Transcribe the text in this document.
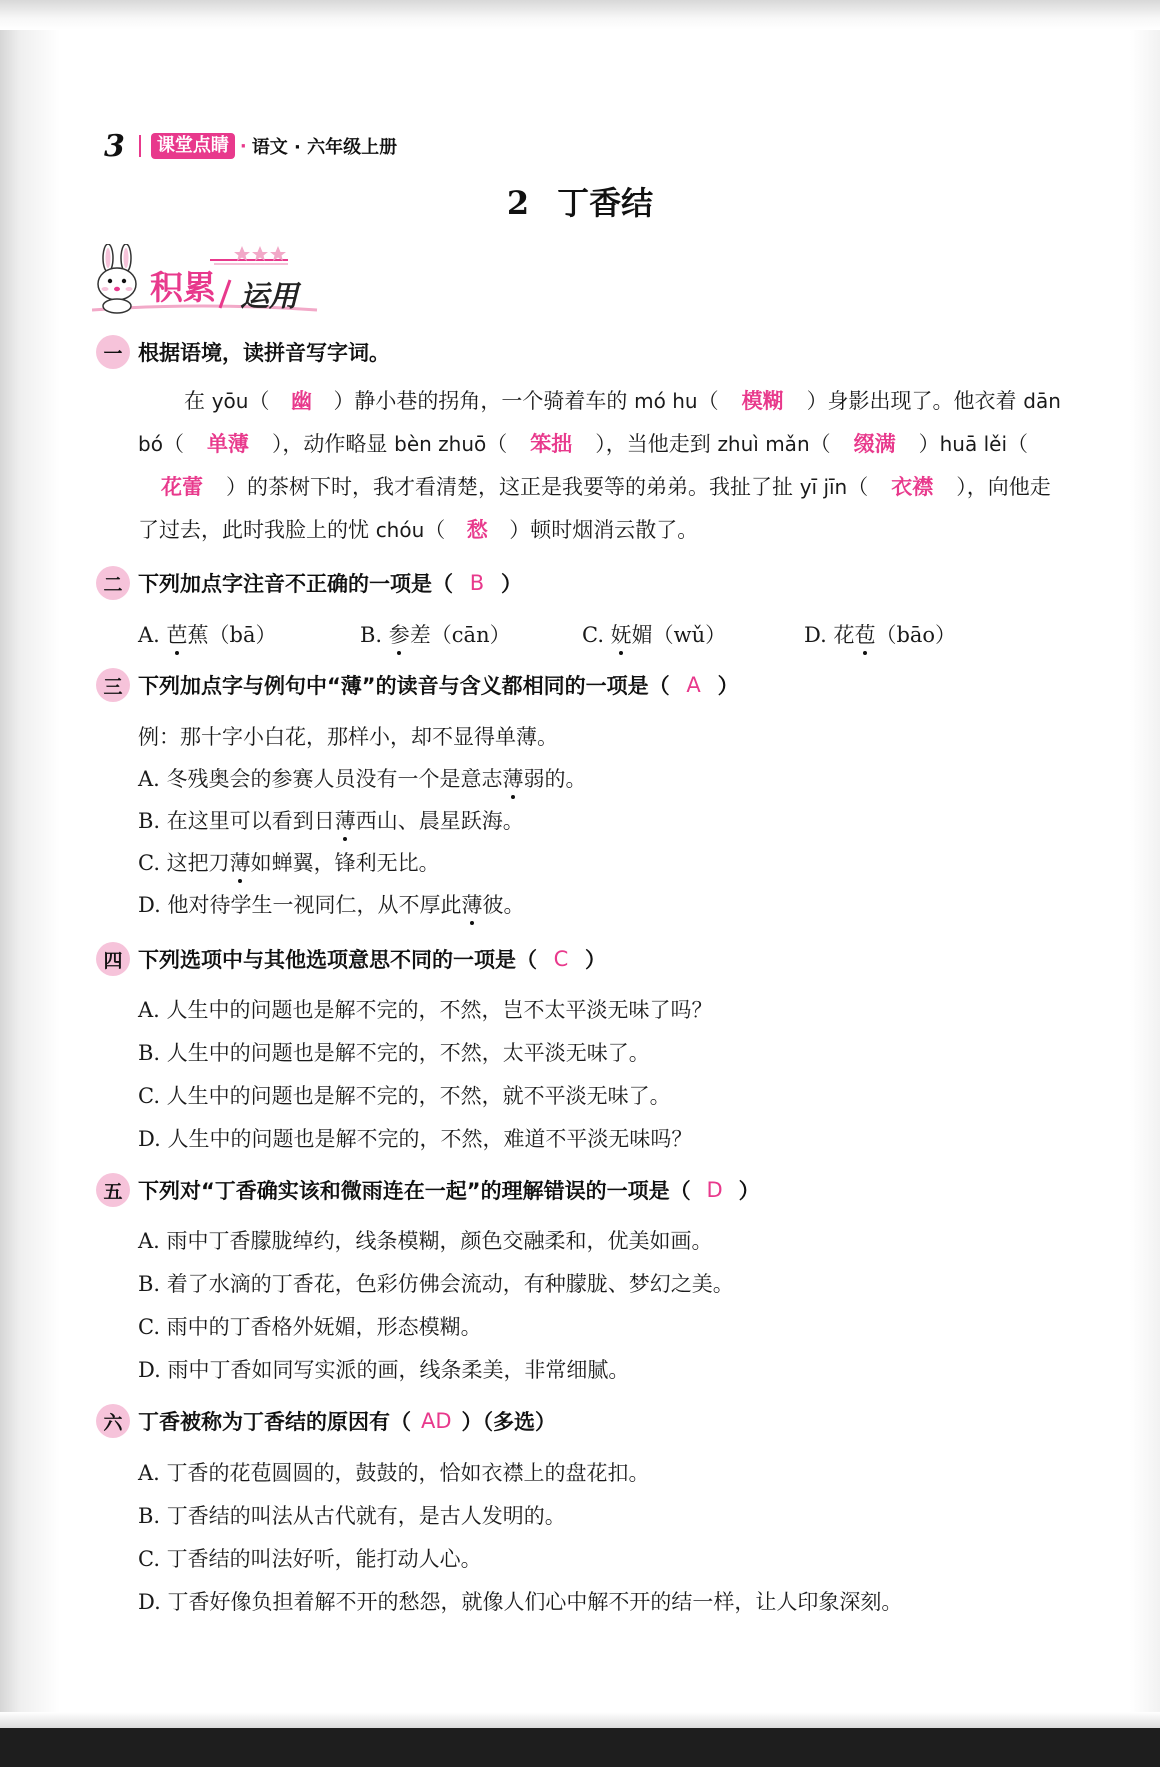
3	课堂点睛 · 语文 · 六年级上册
2 丁香结
积累 运用
一 根据语境，读拼音写字词。
在 yōu（ 幽 ）静小巷的拐角，一个骑着车的 mó hu（ 模糊 ）身影出现了。他衣着 dān bó（ 单薄 ），动作略显 bèn zhuō（ 笨拙 ），当他走到 zhuì mǎn（ 缀满 ）huā lěi（花蕾 ）的茶树下时，我才看清楚，这正是我要等的弟弟。我扯了扯 yī jīn（ 衣襟 ），向他走了过去，此时我脸上的忧 chóu（ 愁 ）顿时烟消云散了。
二 下列加点字注音不正确的一项是（ B ）
A. 芭蕉（bā）	B. 参差（cān）	C. 妩媚（wǔ）	D. 花苞（bāo）
三 下列加点字与例句中“薄”的读音与含义都相同的一项是（ A ）
例：那十字小白花，那样小，却不显得单薄。
A. 冬残奥会的参赛人员没有一个是意志薄弱的。
B. 在这里可以看到日薄西山、晨星跃海。
C. 这把刀薄如蝉翼，锋利无比。
D. 他对待学生一视同仁，从不厚此薄彼。
四 下列选项中与其他选项意思不同的一项是（ C ）
A. 人生中的问题也是解不完的，不然，岂不太平淡无味了吗？
B. 人生中的问题也是解不完的，不然，太平淡无味了。
C. 人生中的问题也是解不完的，不然，就不平淡无味了。
D. 人生中的问题也是解不完的，不然，难道不平淡无味吗？
五 下列对“丁香确实该和微雨连在一起”的理解错误的一项是（ D ）
A. 雨中丁香朦胧绰约，线条模糊，颜色交融柔和，优美如画。
B. 着了水滴的丁香花，色彩仿佛会流动，有种朦胧、梦幻之美。
C. 雨中的丁香格外妩媚，形态模糊。
D. 雨中丁香如同写实派的画，线条柔美，非常细腻。
六 丁香被称为丁香结的原因有（ AD ）（多选）
A. 丁香的花苞圆圆的，鼓鼓的，恰如衣襟上的盘花扣。
B. 丁香结的叫法从古代就有，是古人发明的。
C. 丁香结的叫法好听，能打动人心。
D. 丁香好像负担着解不开的愁怨，就像人们心中解不开的结一样，让人印象深刻。
